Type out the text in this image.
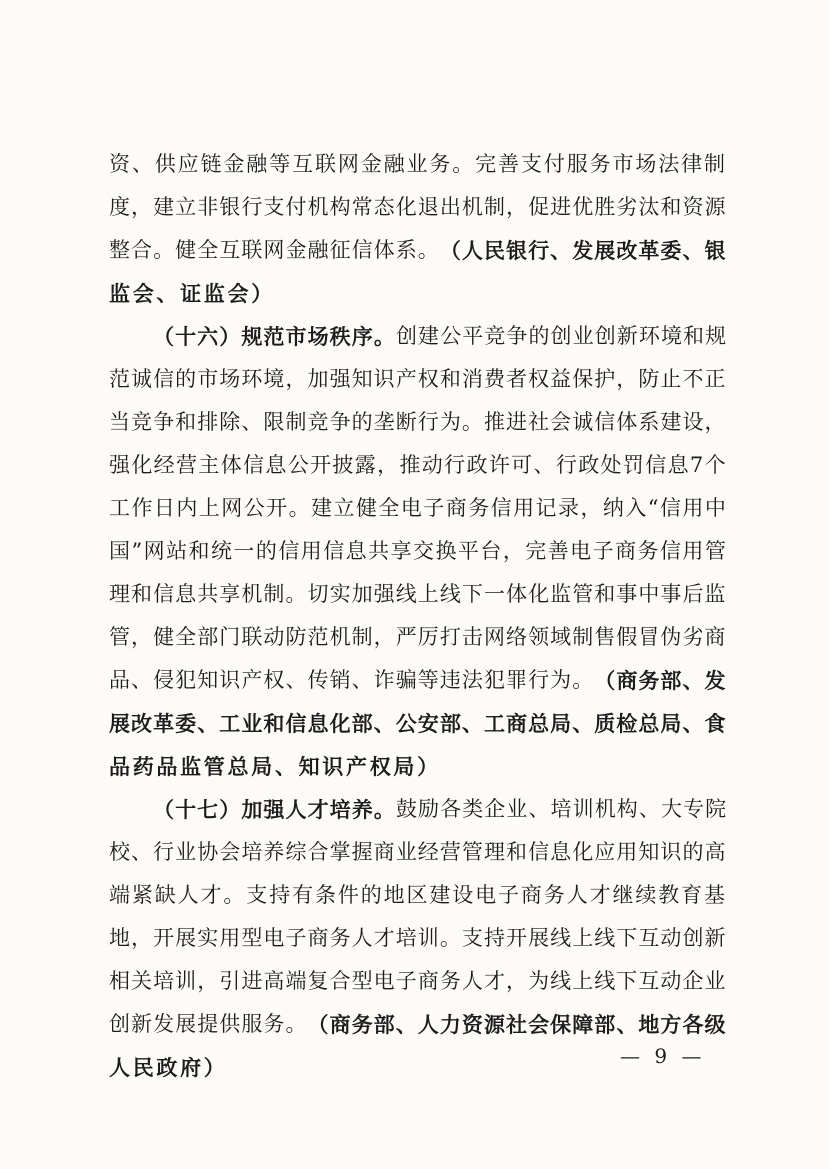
资、供应链金融等互联网金融业务。完善支付服务市场法律制
度，建立非银行支付机构常态化退出机制，促进优胜劣汰和资源
整合。健全互联网金融征信体系。 （人民银行、发展改革委、银
监会、证监会）
（十六）规范市场秩序。 创建公平竞争的创业创新环境和规
范诚信的市场环境，加强知识产权和消费者权益保护，防止不正
当竞争和排除、限制竞争的垄断行为。推进社会诚信体系建设，
强化经营主体信息公开披露，推动行政许可、行政处罚信息7个
工作日内上网公开。建立健全电子商务信用记录，纳入“信用中
国”网站和统一的信用信息共享交换平台，完善电子商务信用管
理和信息共享机制。切实加强线上线下一体化监管和事中事后监
管，健全部门联动防范机制，严厉打击网络领域制售假冒伪劣商
品、侵犯知识产权、传销、诈骗等违法犯罪行为。 （商务部、发
展改革委、工业和信息化部、公安部、工商总局、质检总局、食
品药品监管总局、知识产权局）
（十七）加强人才培养。 鼓励各类企业、培训机构、大专院
校、行业协会培养综合掌握商业经营管理和信息化应用知识的高
端紧缺人才。支持有条件的地区建设电子商务人才继续教育基
地，开展实用型电子商务人才培训。支持开展线上线下互动创新
相关培训，引进高端复合型电子商务人才，为线上线下互动企业
创新发展提供服务。 （商务部、人力资源社会保障部、地方各级
人民政府）	— 9 —
